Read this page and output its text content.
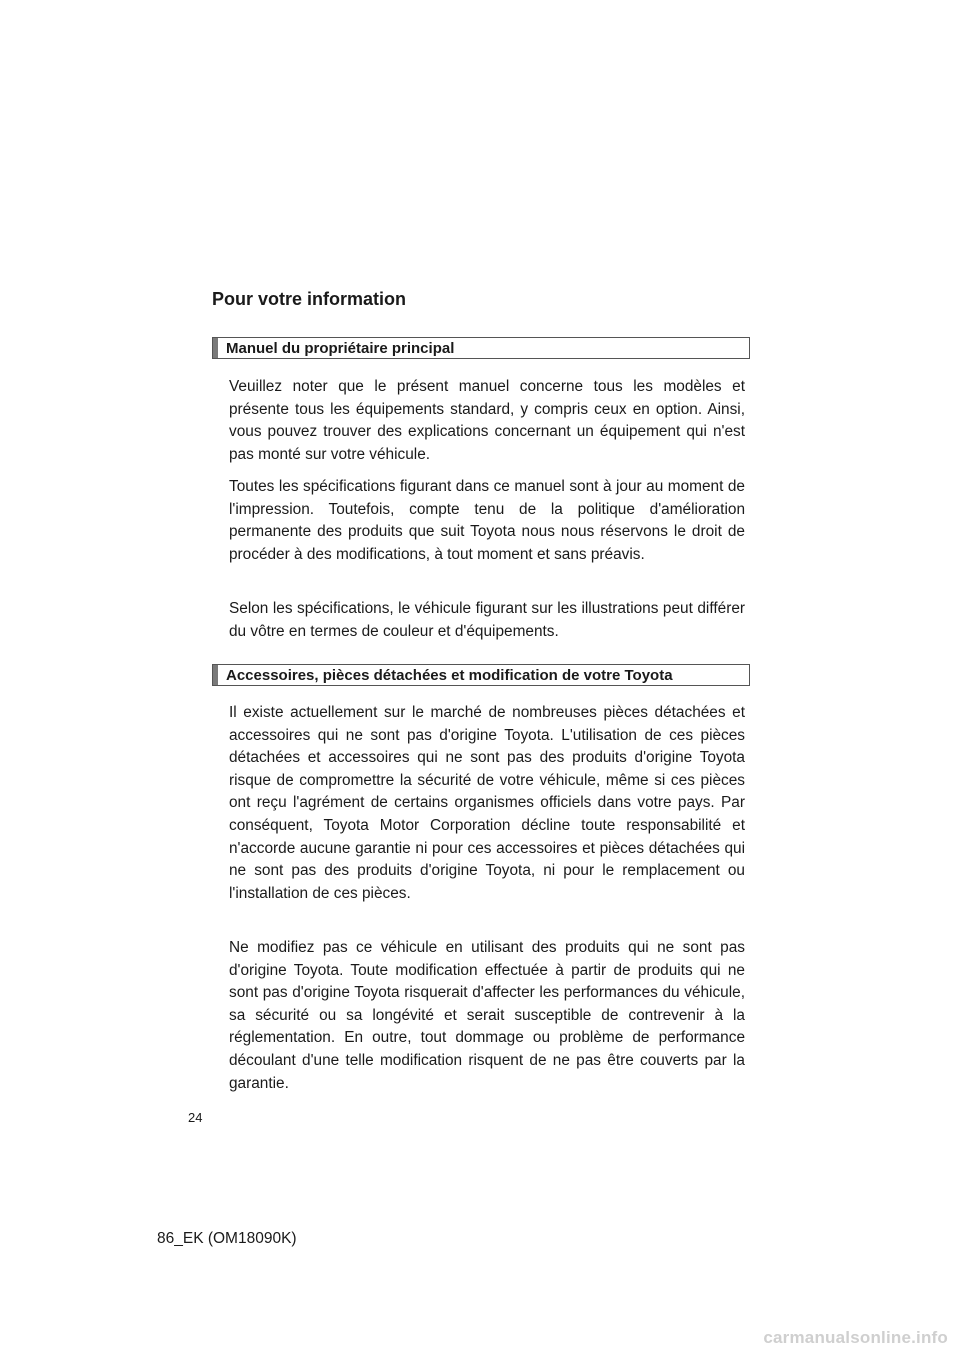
Pour votre information
Manuel du propriétaire principal

Veuillez noter que le présent manuel concerne tous les modèles et présente tous les équipements standard, y compris ceux en option. Ainsi, vous pouvez trouver des explications concernant un équipement qui n'est pas monté sur votre véhicule.

Toutes les spécifications figurant dans ce manuel sont à jour au moment de l'impression. Toutefois, compte tenu de la politique d'amélioration permanente des produits que suit Toyota nous nous réservons le droit de procéder à des modifications, à tout moment et sans préavis.

Selon les spécifications, le véhicule figurant sur les illustrations peut différer du vôtre en termes de couleur et d'équipements.

Accessoires, pièces détachées et modification de votre Toyota

Il existe actuellement sur le marché de nombreuses pièces détachées et accessoires qui ne sont pas d'origine Toyota. L'utilisation de ces pièces détachées et accessoires qui ne sont pas des produits d'origine Toyota risque de compromettre la sécurité de votre véhicule, même si ces pièces ont reçu l'agrément de certains organismes officiels dans votre pays. Par conséquent, Toyota Motor Corporation décline toute responsabilité et n'accorde aucune garantie ni pour ces accessoires et pièces détachées qui ne sont pas des produits d'origine Toyota, ni pour le remplacement ou l'installation de ces pièces.

Ne modifiez pas ce véhicule en utilisant des produits qui ne sont pas d'origine Toyota. Toute modification effectuée à partir de produits qui ne sont pas d'origine Toyota risquerait d'affecter les performances du véhicule, sa sécurité ou sa longévité et serait susceptible de contrevenir à la réglementation. En outre, tout dommage ou problème de performance découlant d'une telle modification risquent de ne pas être couverts par la garantie.

24
86_EK (OM18090K)
carmanualsonline.info
